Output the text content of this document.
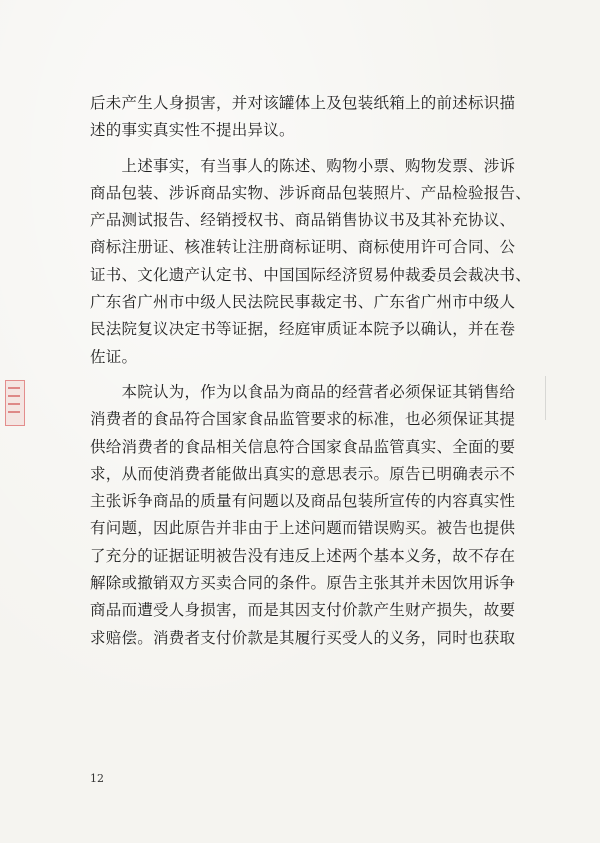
后未产生人身损害，并对该罐体上及包装纸箱上的前述标识描
述的事实真实性不提出异议。
　　上述事实，有当事人的陈述、购物小票、购物发票、涉诉
商品包装、涉诉商品实物、涉诉商品包装照片、产品检验报告、
产品测试报告、经销授权书、商品销售协议书及其补充协议、
商标注册证、核准转让注册商标证明、商标使用许可合同、公
证书、文化遗产认定书、中国国际经济贸易仲裁委员会裁决书、
广东省广州市中级人民法院民事裁定书、广东省广州市中级人
民法院复议决定书等证据，经庭审质证本院予以确认，并在卷
佐证。
　　本院认为，作为以食品为商品的经营者必须保证其销售给
消费者的食品符合国家食品监管要求的标准，也必须保证其提
供给消费者的食品相关信息符合国家食品监管真实、全面的要
求，从而使消费者能做出真实的意思表示。原告已明确表示不
主张诉争商品的质量有问题以及商品包装所宣传的内容真实性
有问题，因此原告并非由于上述问题而错误购买。被告也提供
了充分的证据证明被告没有违反上述两个基本义务，故不存在
解除或撤销双方买卖合同的条件。原告主张其并未因饮用诉争
商品而遭受人身损害，而是其因支付价款产生财产损失，故要
求赔偿。消费者支付价款是其履行买受人的义务，同时也获取
12
